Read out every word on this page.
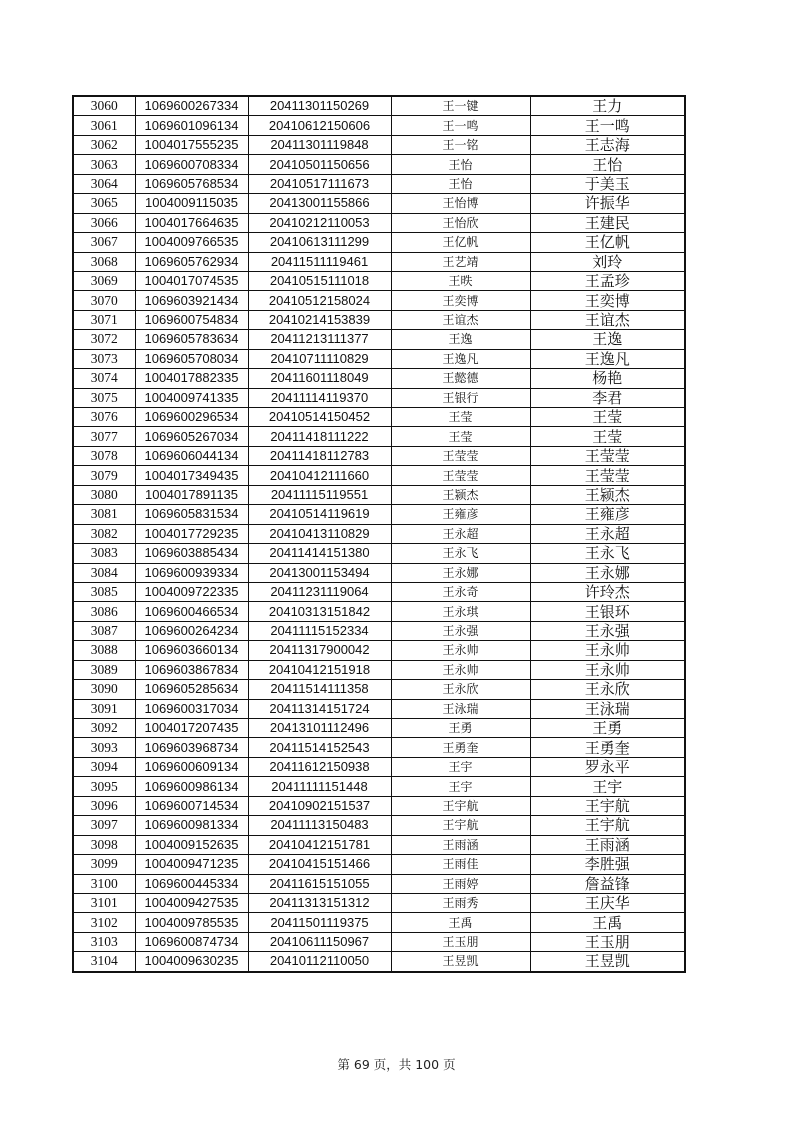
3060	1069600267334	20411301150269	王一键	王力
3061	1069601096134	20410612150606	王一鸣	王一鸣
3062	1004017555235	20411301119848	王一铭	王志海
3063	1069600708334	20410501150656	王怡	王怡
3064	1069605768534	20410517111673	王怡	于美玉
3065	1004009115035	20413001155866	王怡博	许振华
3066	1004017664635	20410212110053	王怡欣	王建民
3067	1004009766535	20410613111299	王亿帆	王亿帆
3068	1069605762934	20411511119461	王艺靖	刘玲
3069	1004017074535	20410515111018	王昳	王孟珍
3070	1069603921434	20410512158024	王奕博	王奕博
3071	1069600754834	20410214153839	王谊杰	王谊杰
3072	1069605783634	20411213111377	王逸	王逸
3073	1069605708034	20410711110829	王逸凡	王逸凡
3074	1004017882335	20411601118049	王懿德	杨艳
3075	1004009741335	20411114119370	王银行	李君
3076	1069600296534	20410514150452	王莹	王莹
3077	1069605267034	20411418111222	王莹	王莹
3078	1069606044134	20411418112783	王莹莹	王莹莹
3079	1004017349435	20410412111660	王莹莹	王莹莹
3080	1004017891135	20411115119551	王颍杰	王颍杰
3081	1069605831534	20410514119619	王雍彦	王雍彦
3082	1004017729235	20410413110829	王永超	王永超
3083	1069603885434	20411414151380	王永飞	王永飞
3084	1069600939334	20413001153494	王永娜	王永娜
3085	1004009722335	20411231119064	王永奇	许玲杰
3086	1069600466534	20410313151842	王永琪	王银环
3087	1069600264234	20411115152334	王永强	王永强
3088	1069603660134	20411317900042	王永帅	王永帅
3089	1069603867834	20410412151918	王永帅	王永帅
3090	1069605285634	20411514111358	王永欣	王永欣
3091	1069600317034	20411314151724	王泳瑞	王泳瑞
3092	1004017207435	20413101112496	王勇	王勇
3093	1069603968734	20411514152543	王勇奎	王勇奎
3094	1069600609134	20411612150938	王宇	罗永平
3095	1069600986134	20411111151448	王宇	王宇
3096	1069600714534	20410902151537	王宇航	王宇航
3097	1069600981334	20411113150483	王宇航	王宇航
3098	1004009152635	20410412151781	王雨涵	王雨涵
3099	1004009471235	20410415151466	王雨佳	李胜强
3100	1069600445334	20411615151055	王雨婷	詹益锋
3101	1004009427535	20411313151312	王雨秀	王庆华
3102	1004009785535	20411501119375	王禹	王禹
3103	1069600874734	20410611150967	王玉朋	王玉朋
3104	1004009630235	20410112110050	王昱凯	王昱凯
第 69 页，共 100 页
